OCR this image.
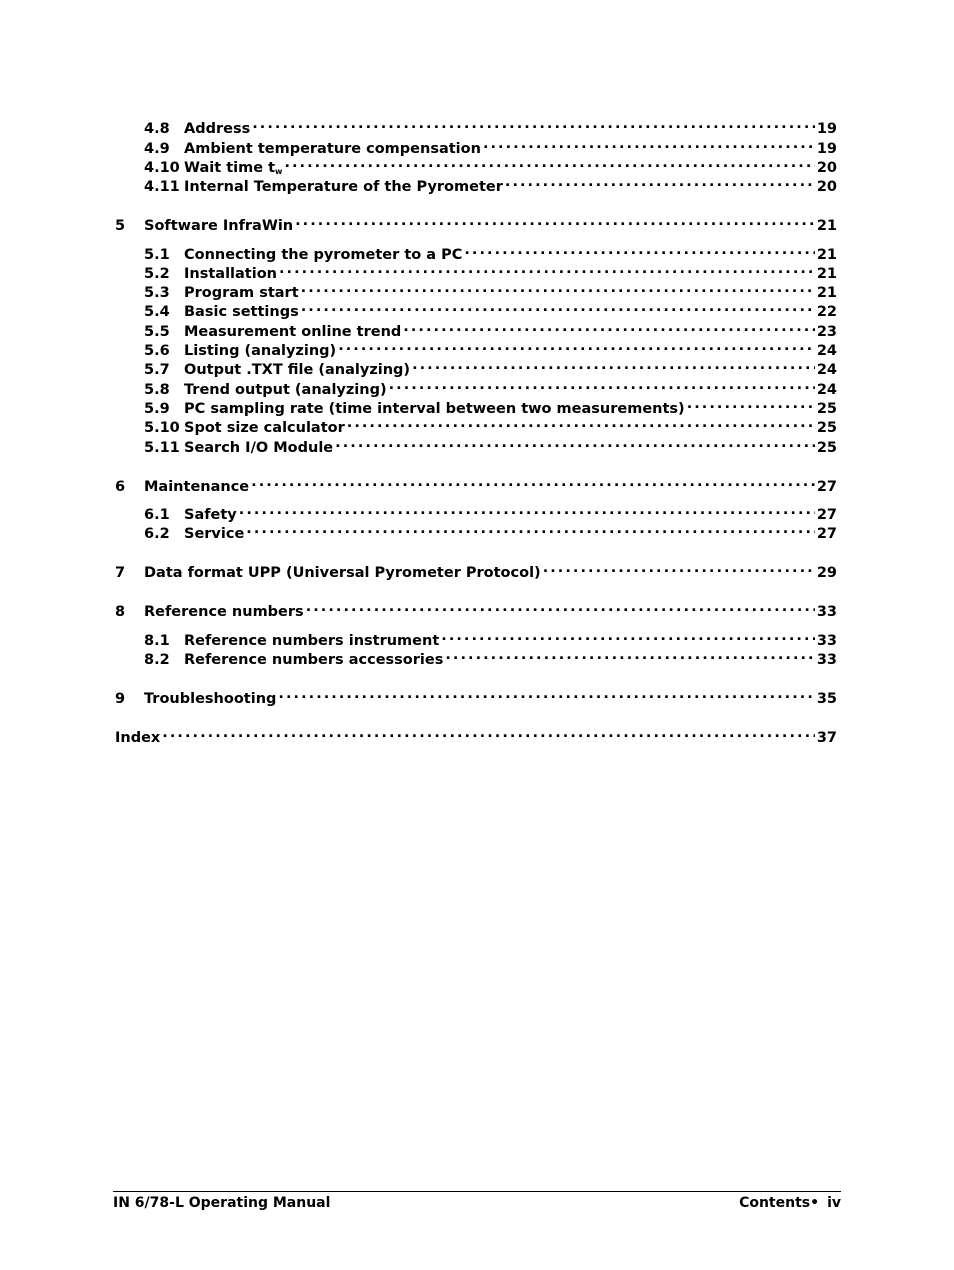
4.8 Address . . .	19
4.9 Ambient temperature compensation . . .	19
4.10 Wait time $t_w$ . . .	20
4.11 Internal Temperature of the Pyrometer . . .	20
5	Software InfraWin . . .	21
5.1 Connecting the pyrometer to a PC . . .	21
5.2 Installation . . .	21
5.3 Program start . . .	21
5.4 Basic settings . . .	22
5.5 Measurement online trend . . .	23
5.6 Listing (analyzing) . . .	24
5.7 Output .TXT file (analyzing) . . .	24
5.8 Trend output (analyzing) . . .	24
5.9 PC sampling rate (time interval between two measurements) . . .	25
5.10 Spot size calculator . . .	25
5.11 Search I/O Module . . .	25
6	Maintenance . . .	27
6.1 Safety . . .	27
6.2 Service . . .	27
7	Data format UPP (Universal Pyrometer Protocol) . . .	29
8	Reference numbers . . .	33
8.1 Reference numbers instrument . . .	33
8.2 Reference numbers accessories . . .	33
9	Troubleshooting . . .	35
Index . . .	37
IN 6/78-L Operating Manual	Contents• iv
